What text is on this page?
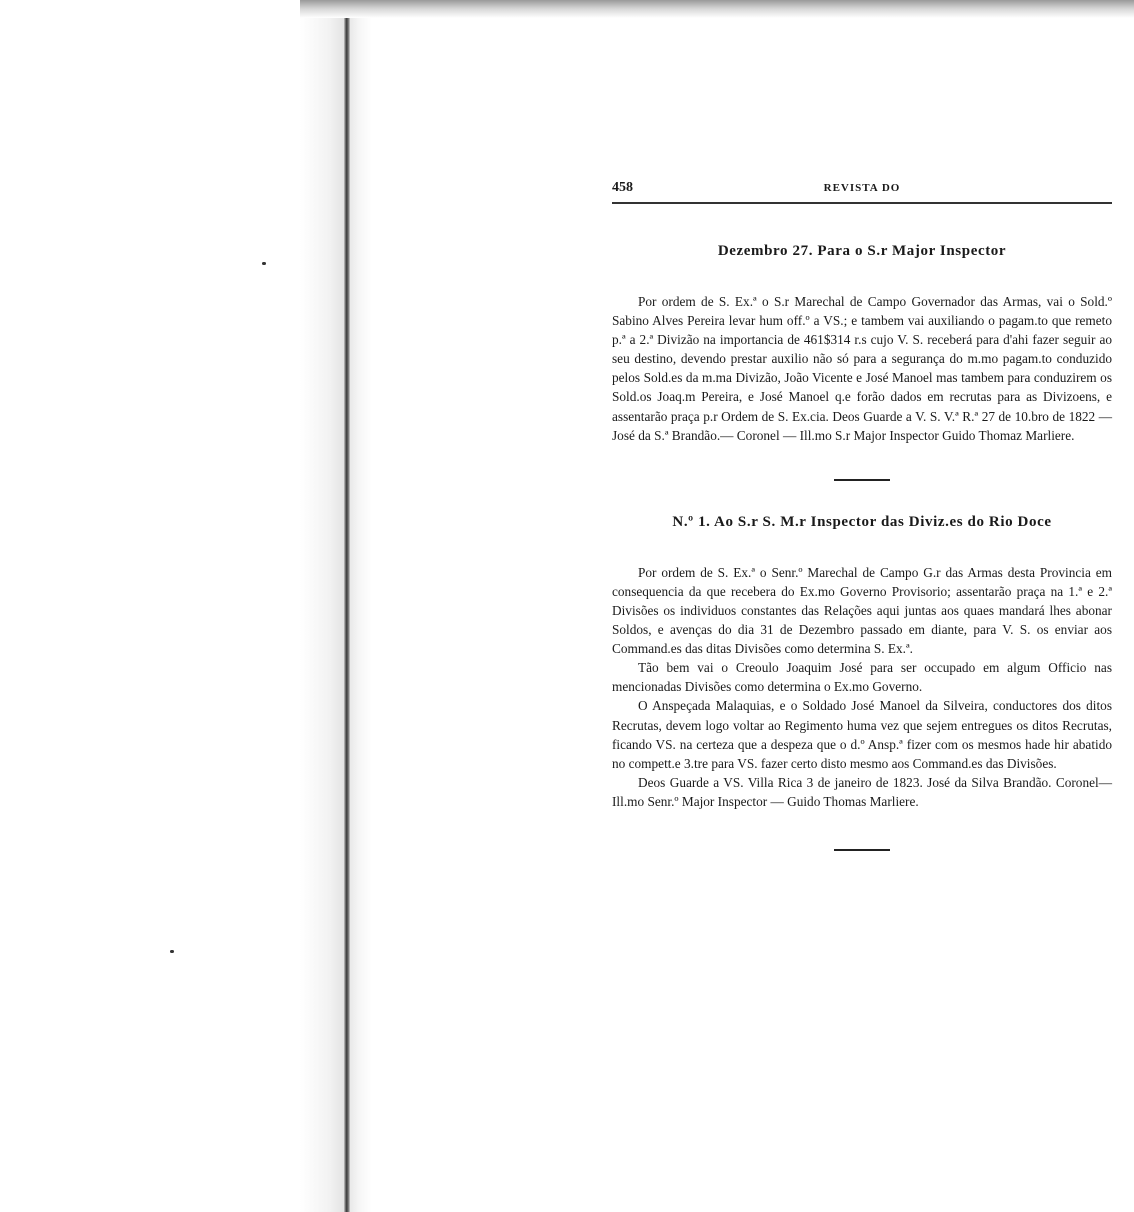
458	REVISTA DO
Dezembro 27. Para o S.r Major Inspector

Por ordem de S. Ex.ª o S.r Marechal de Campo Governador das Armas, vai o Sold.º Sabino Alves Pereira levar hum off.º a VS.; e tambem vai auxiliando o pagam.to que remeto p.ª a 2.ª Divizão na importancia de 461$314 r.s cujo V. S. receberá para d'ahi fazer seguir ao seu destino, devendo prestar auxilio não só para a segurança do m.mo pagam.to conduzido pelos Sold.es da m.ma Divizão, João Vicente e José Manoel mas tambem para conduzirem os Sold.os Joaq.m Pereira, e José Manoel q.e forão dados em recrutas para as Divizoens, e assentarão praça p.r Ordem de S. Ex.cia. Deos Guarde a V. S. V.ª R.ª 27 de 10.bro de 1822 — José da S.ª Brandão.— Coronel — Ill.mo S.r Major Inspector Guido Thomaz Marliere.

N.º 1. Ao S.r S. M.r Inspector das Diviz.es do Rio Doce

Por ordem de S. Ex.ª o Senr.º Marechal de Campo G.r das Armas desta Provincia em consequencia da que recebera do Ex.mo Governo Provisorio; assentarão praça na 1.ª e 2.ª Divisões os individuos constantes das Relações aqui juntas aos quaes mandará lhes abonar Soldos, e avenças do dia 31 de Dezembro passado em diante, para V. S. os enviar aos Command.es das ditas Divisões como determina S. Ex.ª.

Tão bem vai o Creoulo Joaquim José para ser occupado em algum Officio nas mencionadas Divisões como determina o Ex.mo Governo.

O Anspeçada Malaquias, e o Soldado José Manoel da Silveira, conductores dos ditos Recrutas, devem logo voltar ao Regimento huma vez que sejem entregues os ditos Recrutas, ficando VS. na certeza que a despeza que o d.º Ansp.ª fizer com os mesmos hade hir abatido no compett.e 3.tre para VS. fazer certo disto mesmo aos Command.es das Divisões.

Deos Guarde a VS. Villa Rica 3 de janeiro de 1823. José da Silva Brandão. Coronel— Ill.mo Senr.º Major Inspector — Guido Thomas Marliere.
